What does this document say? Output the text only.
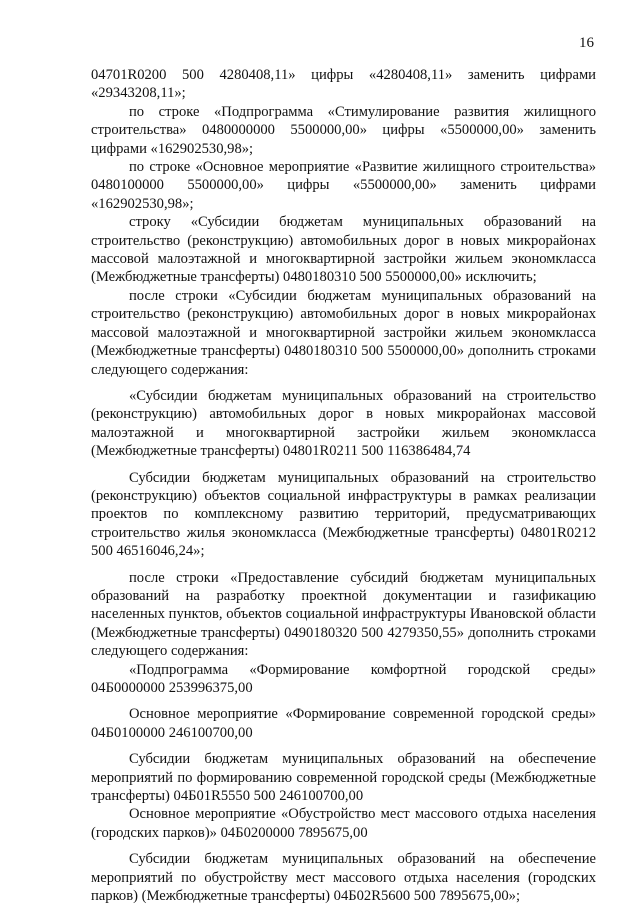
16

04701R0200 500 4280408,11» цифры «4280408,11» заменить цифрами «29343208,11»;

по строке «Подпрограмма «Стимулирование развития жилищного строительства» 0480000000 5500000,00» цифры «5500000,00» заменить цифрами «162902530,98»;

по строке «Основное мероприятие «Развитие жилищного строительства» 0480100000 5500000,00» цифры «5500000,00» заменить цифрами «162902530,98»;

строку «Субсидии бюджетам муниципальных образований на строительство (реконструкцию) автомобильных дорог в новых микрорайонах массовой малоэтажной и многоквартирной застройки жильем экономкласса (Межбюджетные трансферты) 0480180310 500 5500000,00» исключить;

после строки «Субсидии бюджетам муниципальных образований на строительство (реконструкцию) автомобильных дорог в новых микрорайонах массовой малоэтажной и многоквартирной застройки жильем экономкласса (Межбюджетные трансферты) 0480180310 500 5500000,00» дополнить строками следующего содержания:

«Субсидии бюджетам муниципальных образований на строительство (реконструкцию) автомобильных дорог в новых микрорайонах массовой малоэтажной и многоквартирной застройки жильем экономкласса (Межбюджетные трансферты) 04801R0211 500 116386484,74

Субсидии бюджетам муниципальных образований на строительство (реконструкцию) объектов социальной инфраструктуры в рамках реализации проектов по комплексному развитию территорий, предусматривающих строительство жилья экономкласса (Межбюджетные трансферты) 04801R0212 500 46516046,24»;

после строки «Предоставление субсидий бюджетам муниципальных образований на разработку проектной документации и газификацию населенных пунктов, объектов социальной инфраструктуры Ивановской области (Межбюджетные трансферты) 0490180320 500 4279350,55» дополнить строками следующего содержания:

«Подпрограмма «Формирование комфортной городской среды» 04Б0000000 253996375,00

Основное мероприятие «Формирование современной городской среды» 04Б0100000 246100700,00

Субсидии бюджетам муниципальных образований на обеспечение мероприятий по формированию современной городской среды (Межбюджетные трансферты) 04Б01R5550 500 246100700,00

Основное мероприятие «Обустройство мест массового отдыха населения (городских парков)» 04Б0200000 7895675,00

Субсидии бюджетам муниципальных образований на обеспечение мероприятий по обустройству мест массового отдыха населения (городских парков) (Межбюджетные трансферты) 04Б02R5600 500 7895675,00»;
